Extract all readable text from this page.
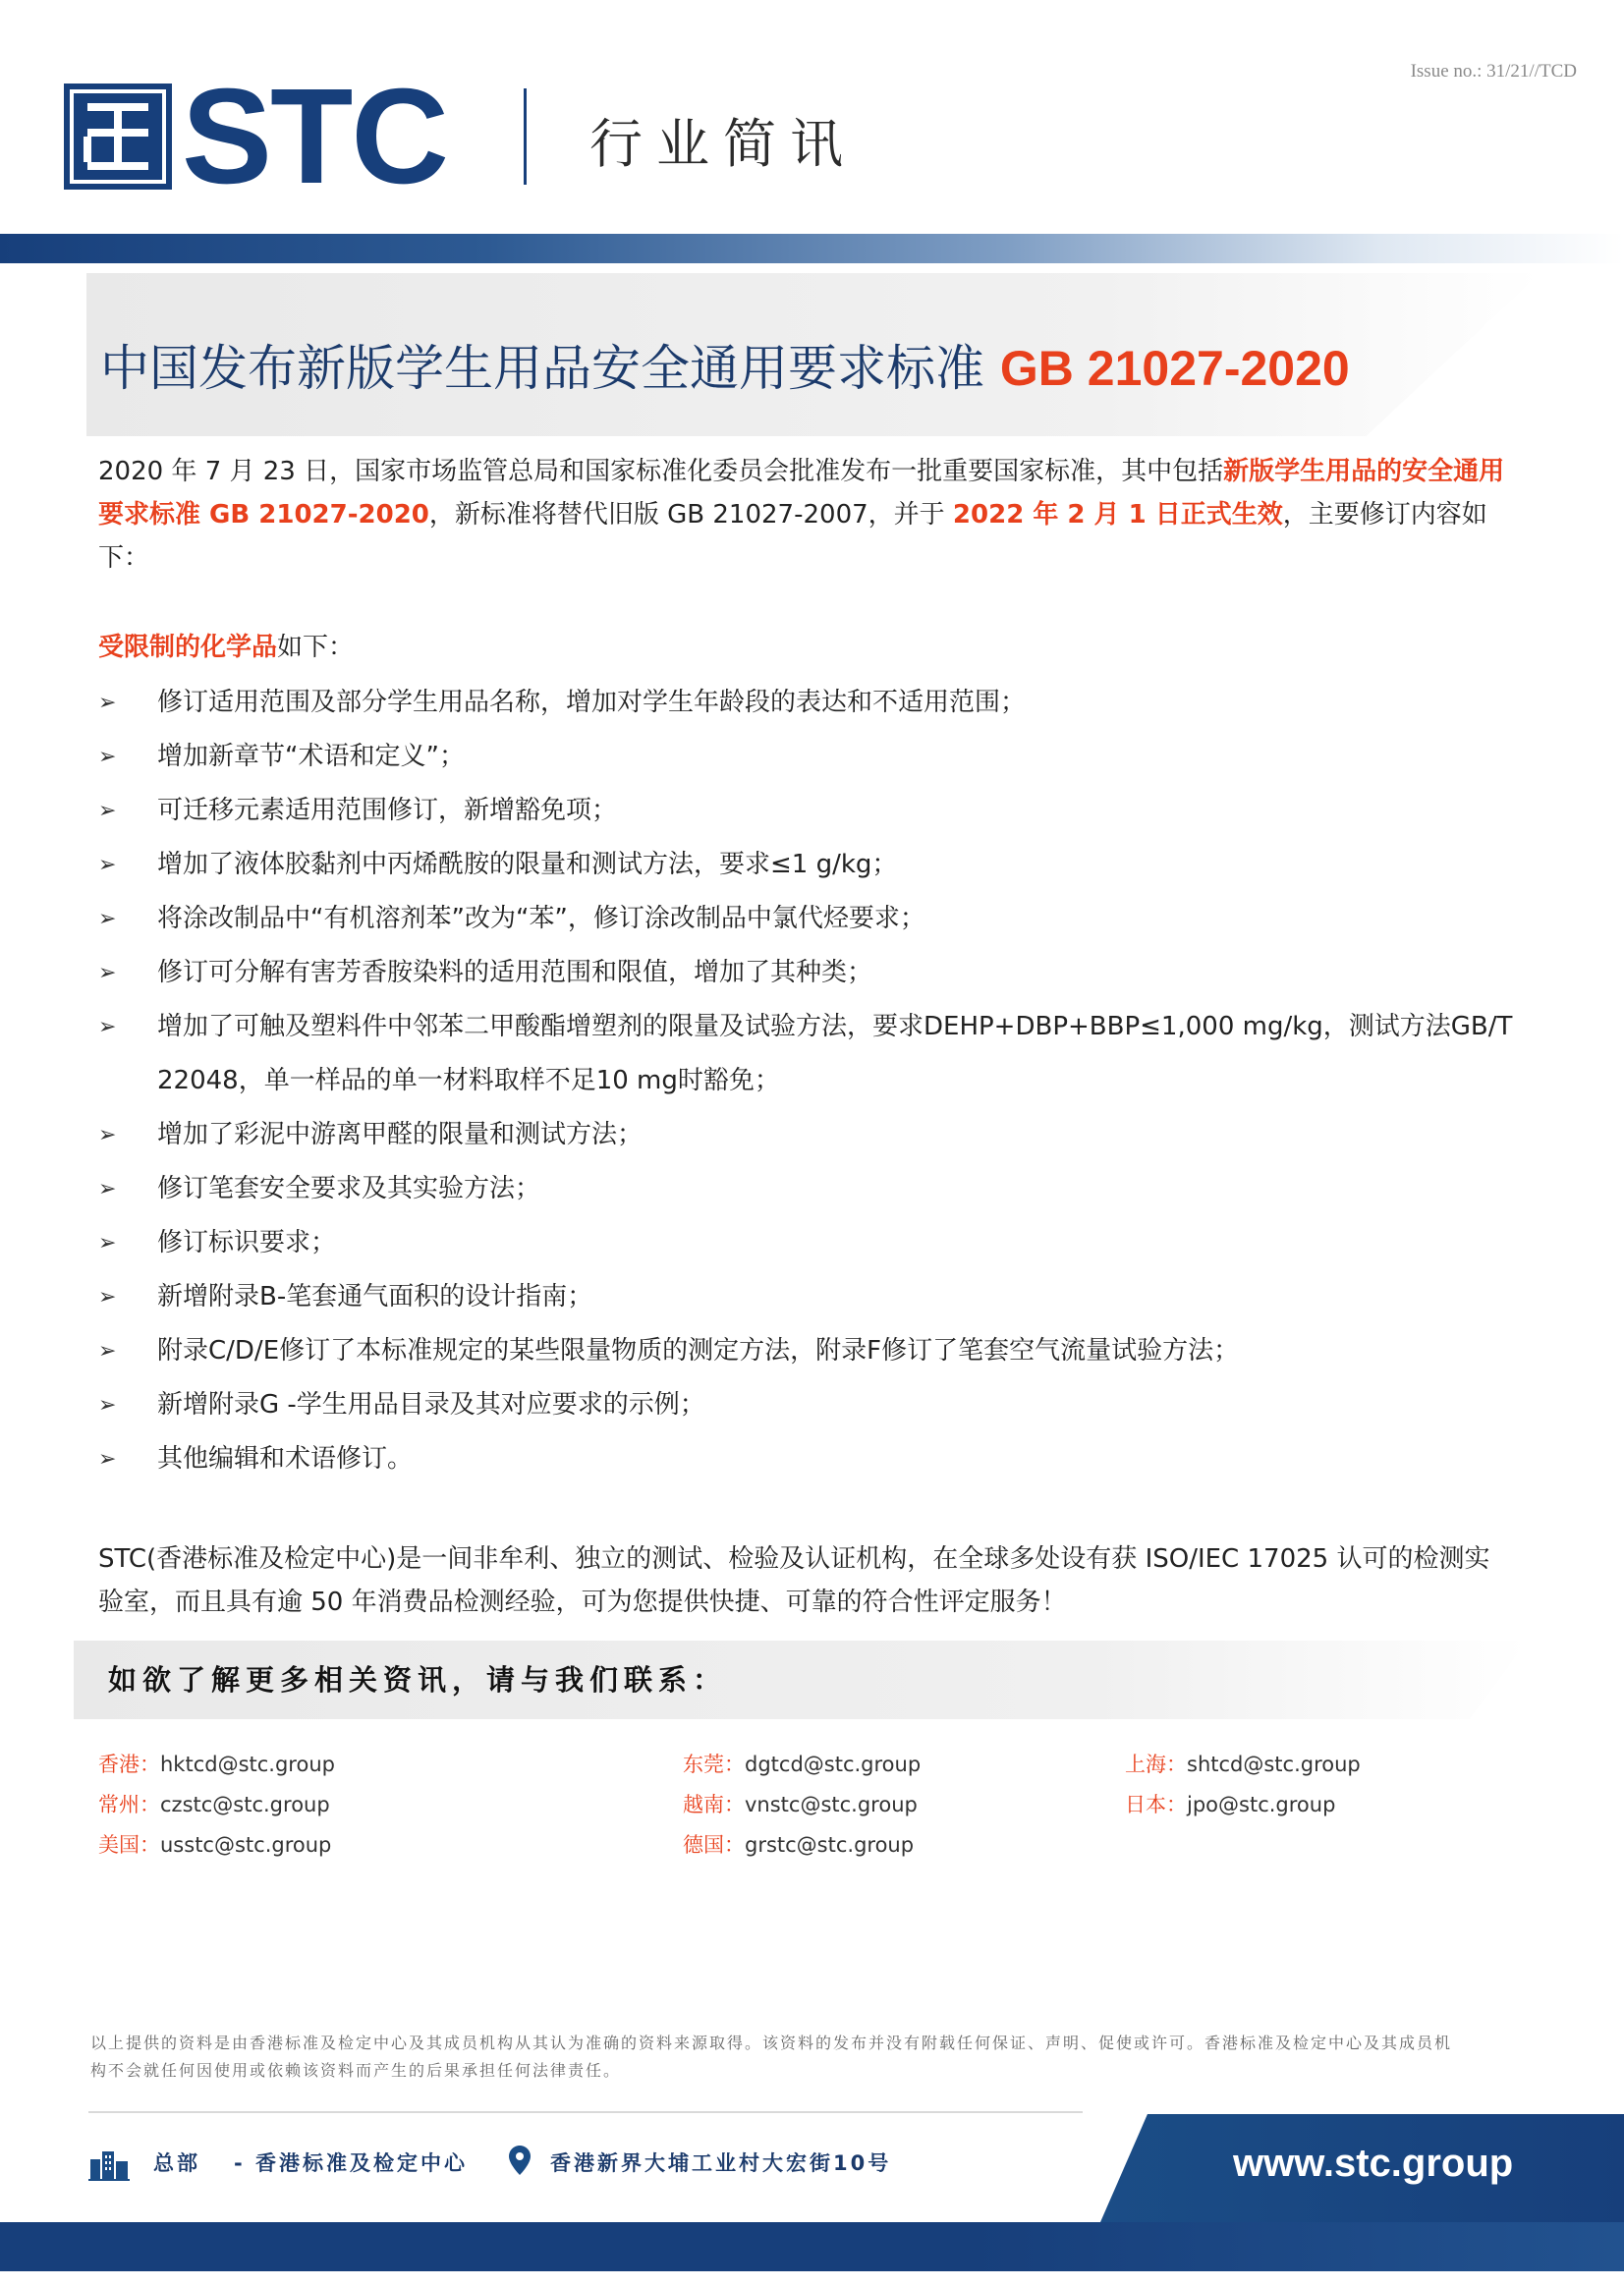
Issue no.: 31/21//TCD
STC	行业简讯
中国发布新版学生用品安全通用要求标准 GB 21027-2020

2020 年 7 月 23 日，国家市场监管总局和国家标准化委员会批准发布一批重要国家标准，其中包括新版学生用品的安全通用要求标准 GB 21027-2020，新标准将替代旧版 GB 21027-2007，并于 2022 年 2 月 1 日正式生效，主要修订内容如下：

受限制的化学品如下：

➢ 修订适用范围及部分学生用品名称，增加对学生年龄段的表达和不适用范围；
➢ 增加新章节“术语和定义”；
➢ 可迁移元素适用范围修订，新增豁免项；
➢ 增加了液体胶黏剂中丙烯酰胺的限量和测试方法，要求≤1 g/kg；
➢ 将涂改制品中“有机溶剂苯”改为“苯”，修订涂改制品中氯代烃要求；
➢ 修订可分解有害芳香胺染料的适用范围和限值，增加了其种类；
➢ 增加了可触及塑料件中邻苯二甲酸酯增塑剂的限量及试验方法，要求DEHP+DBP+BBP≤1,000 mg/kg，测试方法GB/T 22048，单一样品的单一材料取样不足10 mg时豁免；
➢ 增加了彩泥中游离甲醛的限量和测试方法；
➢ 修订笔套安全要求及其实验方法；
➢ 修订标识要求；
➢ 新增附录B-笔套通气面积的设计指南；
➢ 附录C/D/E修订了本标准规定的某些限量物质的测定方法，附录F修订了笔套空气流量试验方法；
➢ 新增附录G -学生用品目录及其对应要求的示例；
➢ 其他编辑和术语修订。

STC(香港标准及检定中心)是一间非牟利、独立的测试、检验及认证机构，在全球多处设有获 ISO/IEC 17025 认可的检测实验室，而且具有逾 50 年消费品检测经验，可为您提供快捷、可靠的符合性评定服务！

如欲了解更多相关资讯，请与我们联系：

香港：hktcd@stc.group	东莞：dgtcd@stc.group	上海：shtcd@stc.group
常州：czstc@stc.group	越南：vnstc@stc.group	日本：jpo@stc.group
美国：usstc@stc.group	德国：grstc@stc.group

以上提供的资料是由香港标准及检定中心及其成员机构从其认为准确的资料来源取得。该资料的发布并没有附载任何保证、声明、促使或许可。香港标准及检定中心及其成员机构不会就任何因使用或依赖该资料而产生的后果承担任何法律责任。

总部 - 香港标准及检定中心	香港新界大埔工业村大宏街10号	www.stc.group
